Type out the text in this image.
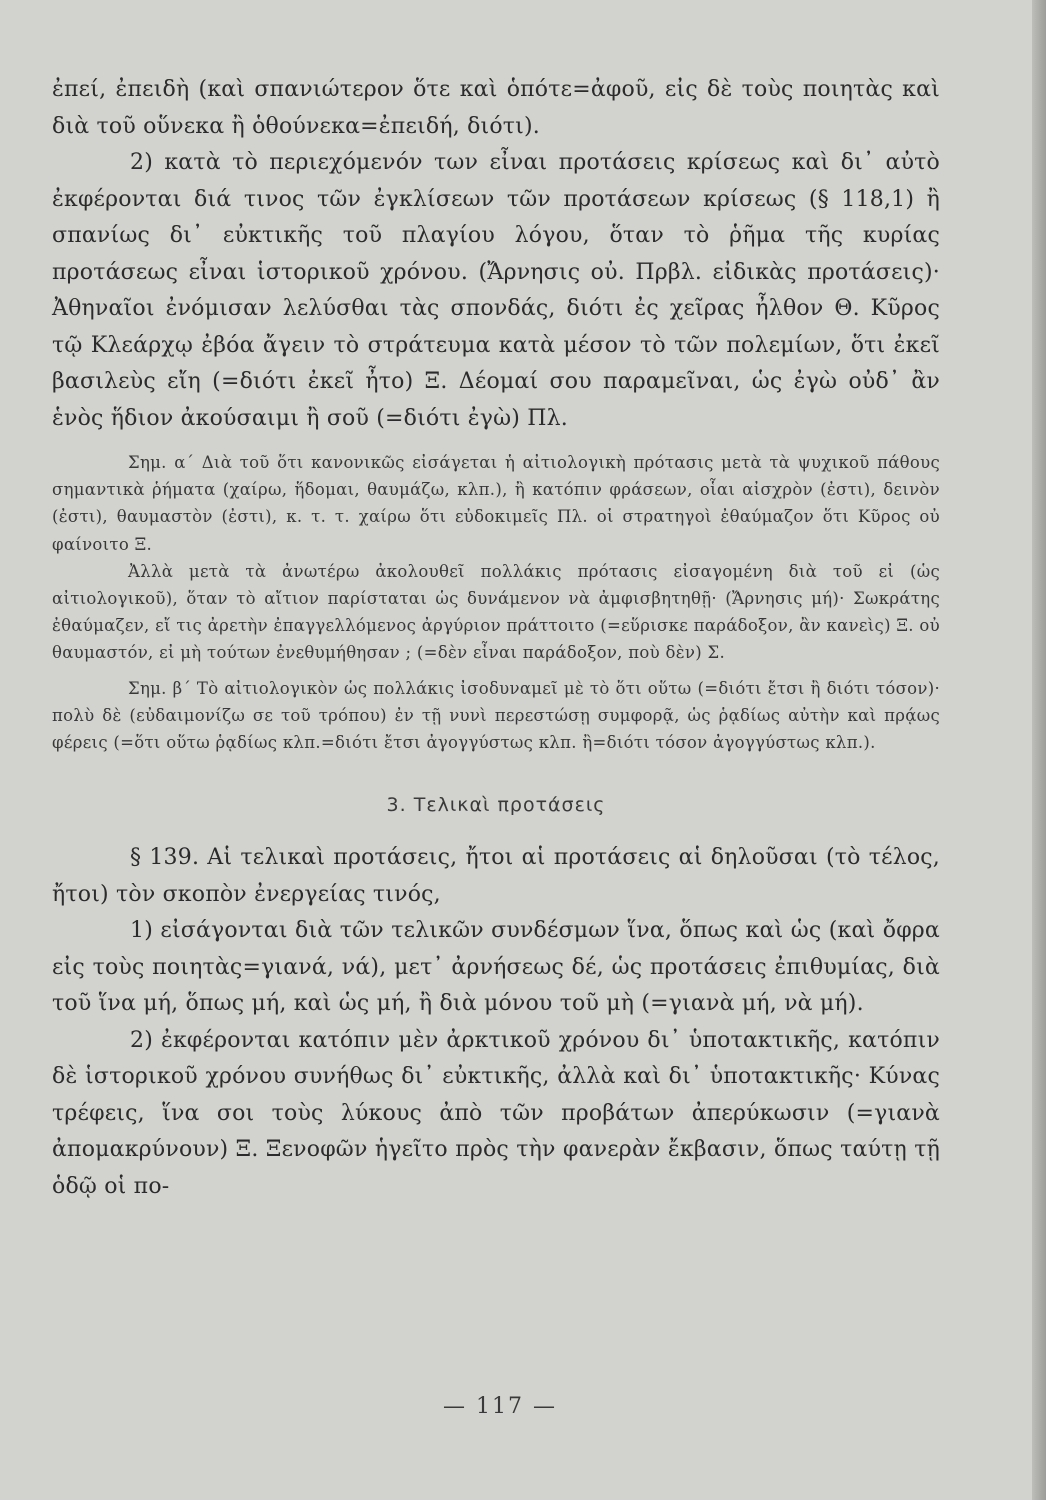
ἐπεί, ἐπειδὴ (καὶ σπανιώτερον ὅτε καὶ ὁπότε=ἀφοῦ, εἰς δὲ τοὺς ποιητὰς καὶ διὰ τοῦ οὕνεκα ἢ ὁθούνεκα=ἐπειδή, διότι).

2) κατὰ τὸ περιεχόμενόν των εἶναι προτάσεις κρίσεως καὶ δι᾽ αὐτὸ ἐκφέρονται διά τινος τῶν ἐγκλίσεων τῶν προτάσεων κρίσεως (§ 118,1) ἢ σπανίως δι᾽ εὐκτικῆς τοῦ πλαγίου λόγου, ὅταν τὸ ῥῆμα τῆς κυρίας προτάσεως εἶναι ἱστορικοῦ χρόνου. (Ἄρνησις οὐ. Πρβλ. εἰδικὰς προτάσεις)· Ἀθηναῖοι ἐνόμισαν λελύσθαι τὰς σπονδάς, διότι ἐς χεῖρας ἦλθον Θ. Κῦρος τῷ Κλεάρχῳ ἐβόα ἄγειν τὸ στράτευμα κατὰ μέσον τὸ τῶν πολεμίων, ὅτι ἐκεῖ βασιλεὺς εἴη (=διότι ἐκεῖ ἦτο) Ξ. Δέομαί σου παραμεῖναι, ὡς ἐγὼ οὐδ᾽ ἂν ἑνὸς ἥδιον ἀκούσαιμι ἢ σοῦ (=διότι ἐγὼ) Πλ.

Σημ. α΄ Διὰ τοῦ ὅτι κανονικῶς εἰσάγεται ἡ αἰτιολογικὴ πρότασις μετὰ τὰ ψυχικοῦ πάθους σημαντικὰ ῥήματα (χαίρω, ἥδομαι, θαυμάζω, κλπ.), ἢ κατόπιν φράσεων, οἷαι αἰσχρὸν (ἐστι), δεινὸν (ἐστι), θαυμαστὸν (ἐστι), κ. τ. τ. χαίρω ὅτι εὐδοκιμεῖς Πλ. οἱ στρατηγοὶ ἐθαύμαζον ὅτι Κῦρος οὐ φαίνοιτο Ξ.

Ἀλλὰ μετὰ τὰ ἀνωτέρω ἀκολουθεῖ πολλάκις πρότασις εἰσαγομένη διὰ τοῦ εἰ (ὡς αἰτιολογικοῦ), ὅταν τὸ αἴτιον παρίσταται ὡς δυνάμενον νὰ ἀμφισβητηθῇ· (Ἄρνησις μή)· Σωκράτης ἐθαύμαζεν, εἴ τις ἀρετὴν ἐπαγγελλόμενος ἀργύριον πράττοιτο (=εὕρισκε παράδοξον, ἂν κανεὶς) Ξ. οὐ θαυμαστόν, εἰ μὴ τούτων ἐνεθυμήθησαν ; (=δὲν εἶναι παράδοξον, ποὺ δὲν) Σ.

Σημ. β΄ Τὸ αἰτιολογικὸν ὡς πολλάκις ἰσοδυναμεῖ μὲ τὸ ὅτι οὕτω (=διότι ἔτσι ἢ διότι τόσον)· πολὺ δὲ (εὐδαιμονίζω σε τοῦ τρόπου) ἐν τῇ νυνὶ περεστώσῃ συμφορᾷ, ὡς ῥᾳδίως αὐτὴν καὶ πρᾴως φέρεις (=ὅτι οὕτω ῥᾳδίως κλπ.=διότι ἔτσι ἀγογγύστως κλπ. ἢ=διότι τόσον ἀγογγύστως κλπ.).

3. Τελικαὶ προτάσεις

§ 139. Αἱ τελικαὶ προτάσεις, ἤτοι αἱ προτάσεις αἱ δηλοῦσαι (τὸ τέλος, ἤτοι) τὸν σκοπὸν ἐνεργείας τινός,

1) εἰσάγονται διὰ τῶν τελικῶν συνδέσμων ἵνα, ὅπως καὶ ὡς (καὶ ὄφρα εἰς τοὺς ποιητὰς=γιανά, νά), μετ᾽ ἀρνήσεως δέ, ὡς προτάσεις ἐπιθυμίας, διὰ τοῦ ἵνα μή, ὅπως μή, καὶ ὡς μή, ἢ διὰ μόνου τοῦ μὴ (=γιανὰ μή, νὰ μή).

2) ἐκφέρονται κατόπιν μὲν ἀρκτικοῦ χρόνου δι᾽ ὑποτακτικῆς, κατόπιν δὲ ἱστορικοῦ χρόνου συνήθως δι᾽ εὐκτικῆς, ἀλλὰ καὶ δι᾽ ὑποτακτικῆς· Κύνας τρέφεις, ἵνα σοι τοὺς λύκους ἀπὸ τῶν προβάτων ἀπερύκωσιν (=γιανὰ ἀπομακρύνουν) Ξ. Ξενοφῶν ἡγεῖτο πρὸς τὴν φανερὰν ἔκβασιν, ὅπως ταύτῃ τῇ ὁδῷ οἱ πο-

— 117 —
